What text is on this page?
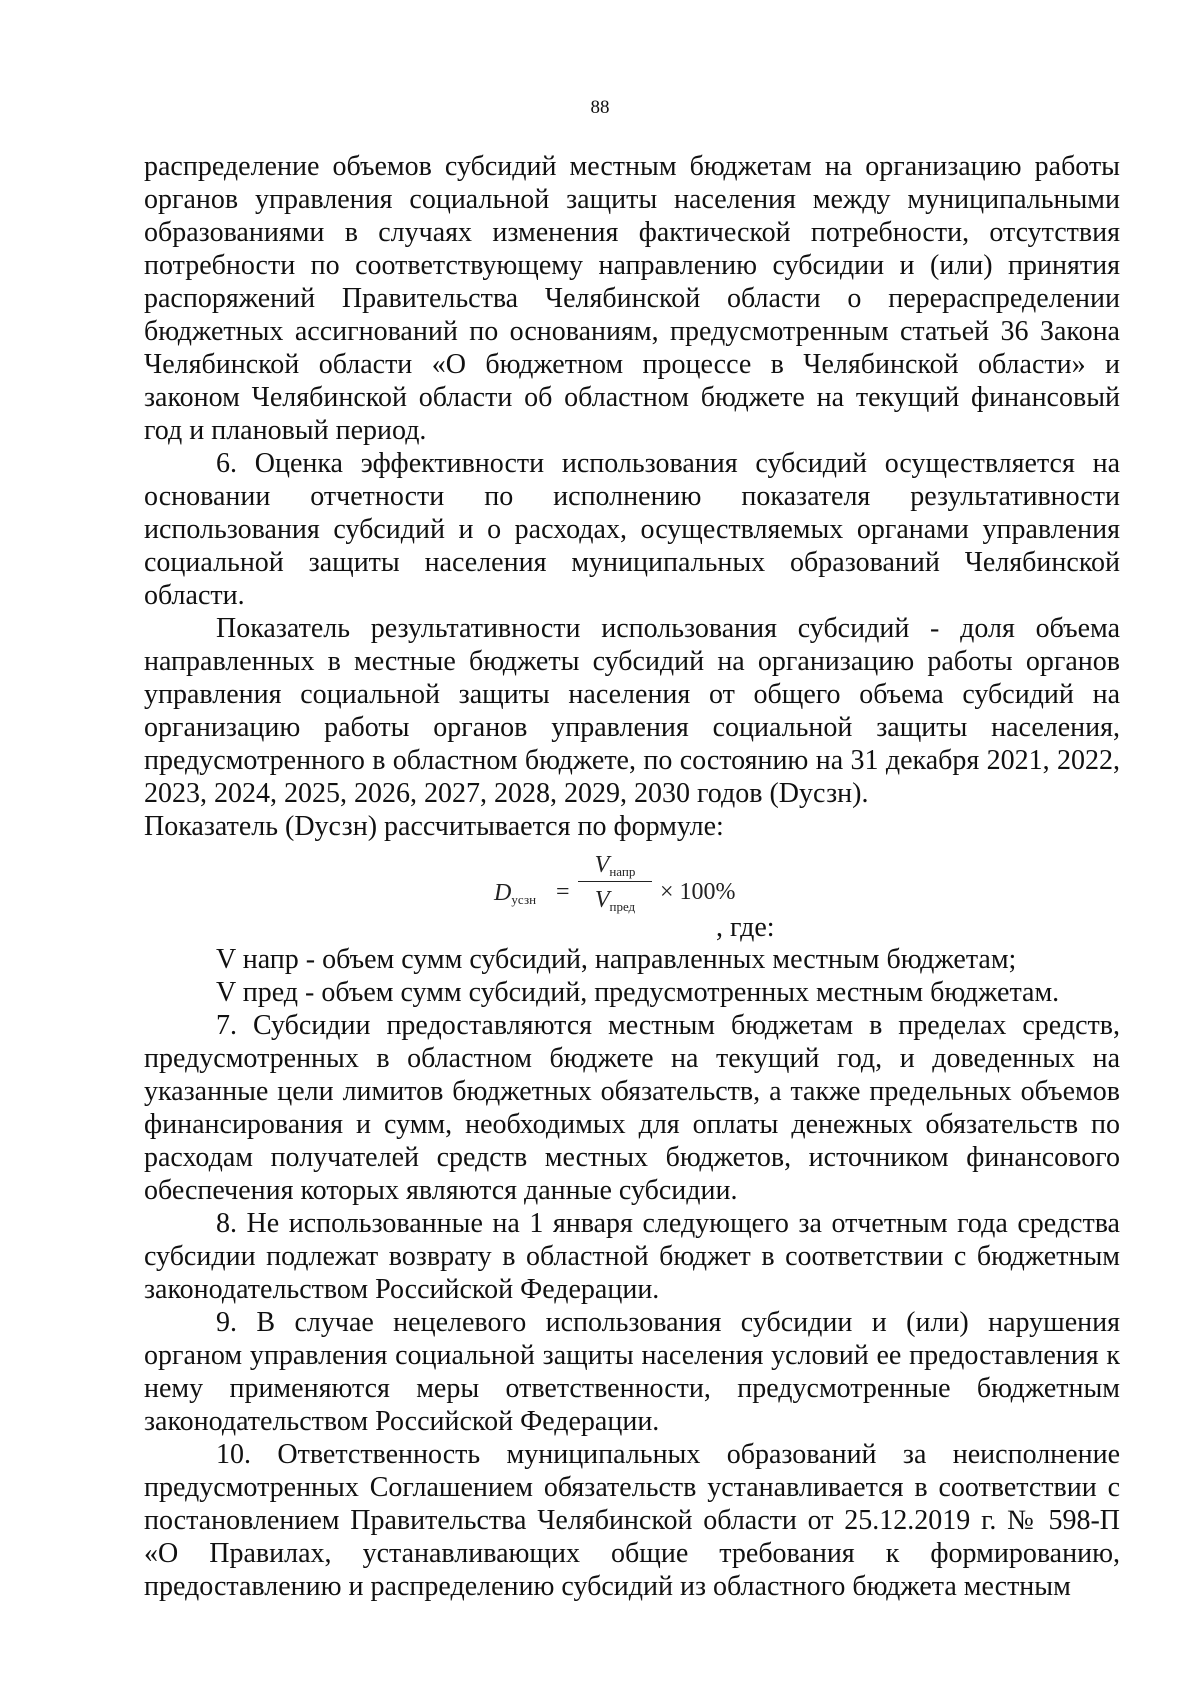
88

распределение объемов субсидий местным бюджетам на организацию работы органов управления социальной защиты населения между муниципальными образованиями в случаях изменения фактической потребности, отсутствия потребности по соответствующему направлению субсидии и (или) принятия распоряжений Правительства Челябинской области о перераспределении бюджетных ассигнований по основаниям, предусмотренным статьей 36 Закона Челябинской области «О бюджетном процессе в Челябинской области» и законом Челябинской области об областном бюджете на текущий финансовый год и плановый период.

6. Оценка эффективности использования субсидий осуществляется на основании отчетности по исполнению показателя результативности использования субсидий и о расходах, осуществляемых органами управления социальной защиты населения муниципальных образований Челябинской области.

Показатель результативности использования субсидий - доля объема направленных в местные бюджеты субсидий на организацию работы органов управления социальной защиты населения от общего объема субсидий на организацию работы органов управления социальной защиты населения, предусмотренного в областном бюджете, по состоянию на 31 декабря 2021, 2022, 2023, 2024, 2025, 2026, 2027, 2028, 2029, 2030 годов (Dусзн).

Показатель (Dусзн) рассчитывается по формуле:

$D_{усзн}$ =
$V_{напр}$
$V_{пред}$
× 100%
, где:

V напр - объем сумм субсидий, направленных местным бюджетам;

V пред - объем сумм субсидий, предусмотренных местным бюджетам.

7. Субсидии предоставляются местным бюджетам в пределах средств, предусмотренных в областном бюджете на текущий год, и доведенных на указанные цели лимитов бюджетных обязательств, а также предельных объемов финансирования и сумм, необходимых для оплаты денежных обязательств по расходам получателей средств местных бюджетов, источником финансового обеспечения которых являются данные субсидии.

8. Не использованные на 1 января следующего за отчетным года средства субсидии подлежат возврату в областной бюджет в соответствии с бюджетным законодательством Российской Федерации.

9. В случае нецелевого использования субсидии и (или) нарушения органом управления социальной защиты населения условий ее предоставления к нему применяются меры ответственности, предусмотренные бюджетным законодательством Российской Федерации.

10. Ответственность муниципальных образований за неисполнение предусмотренных Соглашением обязательств устанавливается в соответствии с постановлением Правительства Челябинской области от 25.12.2019 г. № 598-П «О Правилах, устанавливающих общие требования к формированию, предоставлению и распределению субсидий из областного бюджета местным
